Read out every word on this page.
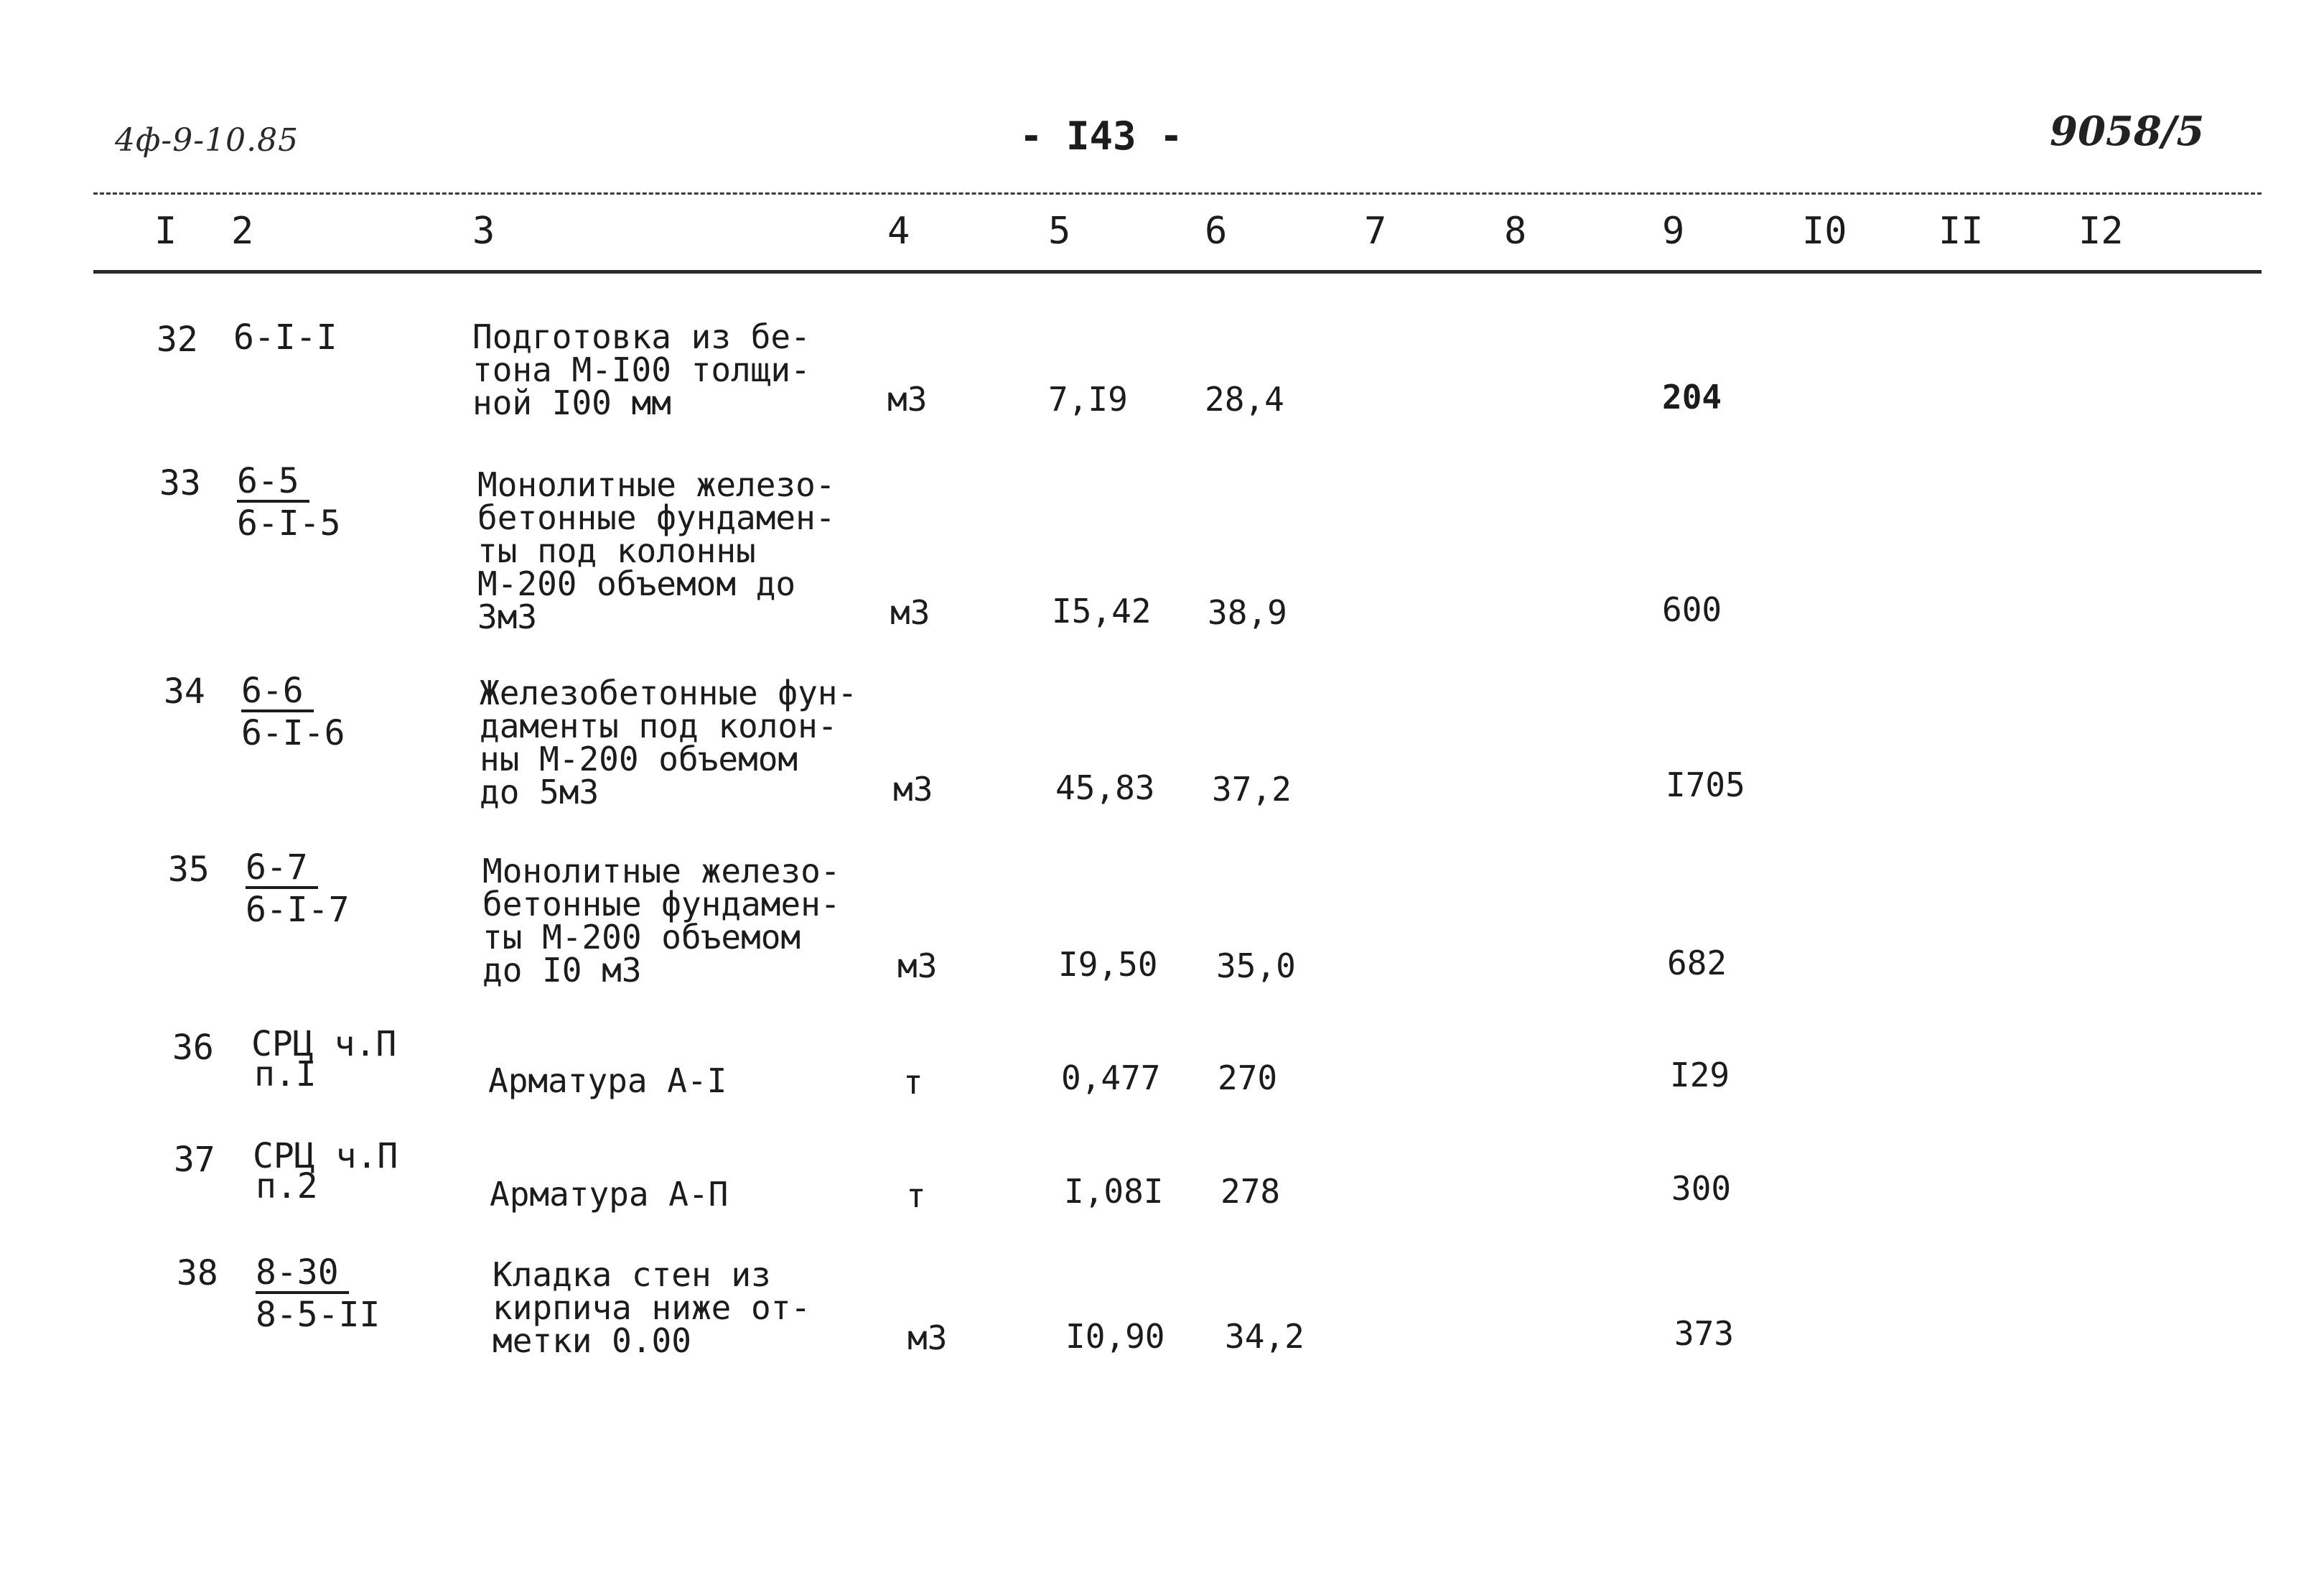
4ф-9-10.85	- I43 -	9058/5
I 2	3	4	5	6	7	8	9	I0 II	I2
32 6-I-I	Подготовка из бе-
тона М-I00 толщи-
ной I00 мм	м3	7,I9 28,4	204
33 6-5
6-I-5
Монолитные железо-
бетонные фундамен-
ты под колонны
М-200 объемом до
3м3	м3	I5,42 38,9	600
34 6-6
6-I-6
Железобетонные фун-
даменты под колон-
ны М-200 объемом
до 5м3	м3	45,83 37,2	I705
35 6-7
6-I-7
Монолитные железо-
бетонные фундамен-
ты М-200 объемом
до I0 м3	м3	I9,50 35,0	682
36 СРЦ ч.П
п.I	Арматура А-I	т	0,477 270	I29
37 СРЦ ч.П
п.2	Арматура А-П	т	I,08I 278	300
38 8-30
8-5-II
Кладка стен из
кирпича ниже от-
метки 0.00	м3	I0,90 34,2	373
